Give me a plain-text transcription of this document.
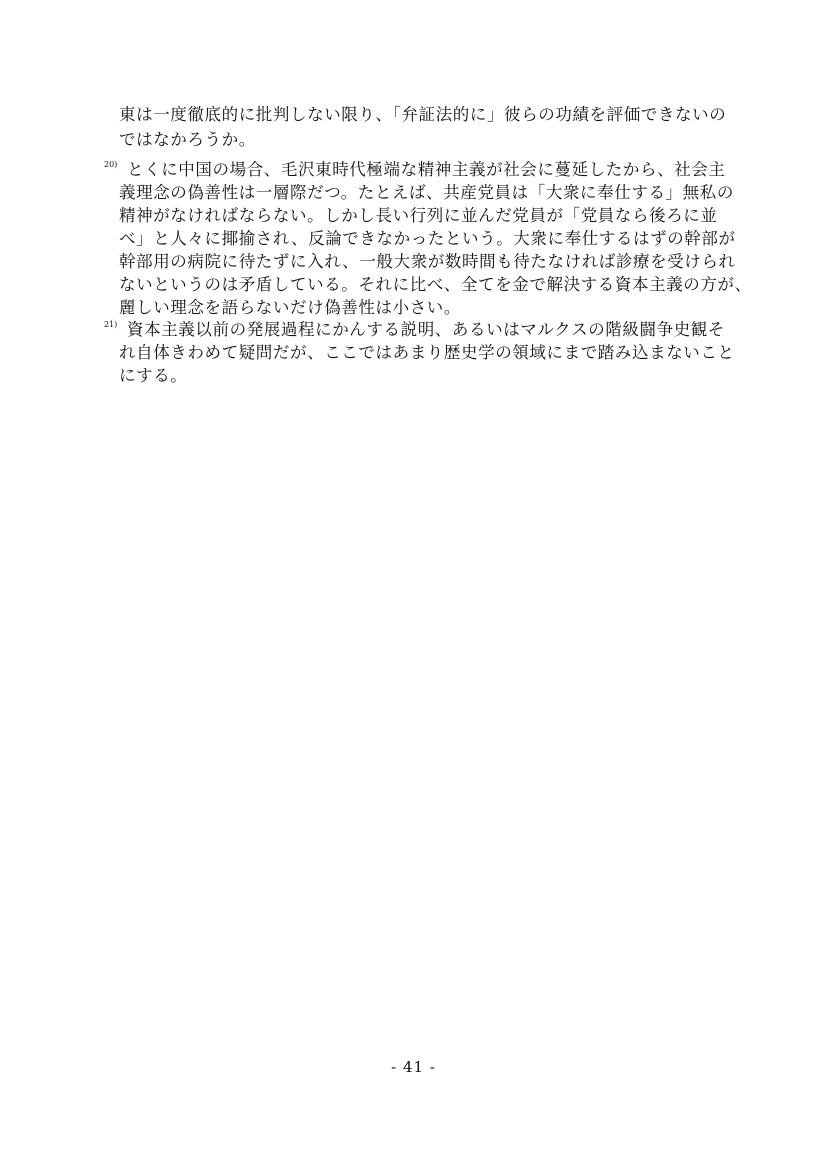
東は一度徹底的に批判しない限り、「弁証法的に」彼らの功績を評価できないの
ではなかろうか。
20) とくに中国の場合、毛沢東時代極端な精神主義が社会に蔓延したから、社会主
義理念の偽善性は一層際だつ。たとえば、共産党員は「大衆に奉仕する」無私の
精神がなければならない。しかし長い行列に並んだ党員が「党員なら後ろに並
べ」と人々に揶揄され、反論できなかったという。大衆に奉仕するはずの幹部が
幹部用の病院に待たずに入れ、一般大衆が数時間も待たなければ診療を受けられ
ないというのは矛盾している。それに比べ、全てを金で解決する資本主義の方が、
麗しい理念を語らないだけ偽善性は小さい。
21) 資本主義以前の発展過程にかんする説明、あるいはマルクスの階級闘争史観そ
れ自体きわめて疑問だが、ここではあまり歴史学の領域にまで踏み込まないこと
にする。
- 41 -
